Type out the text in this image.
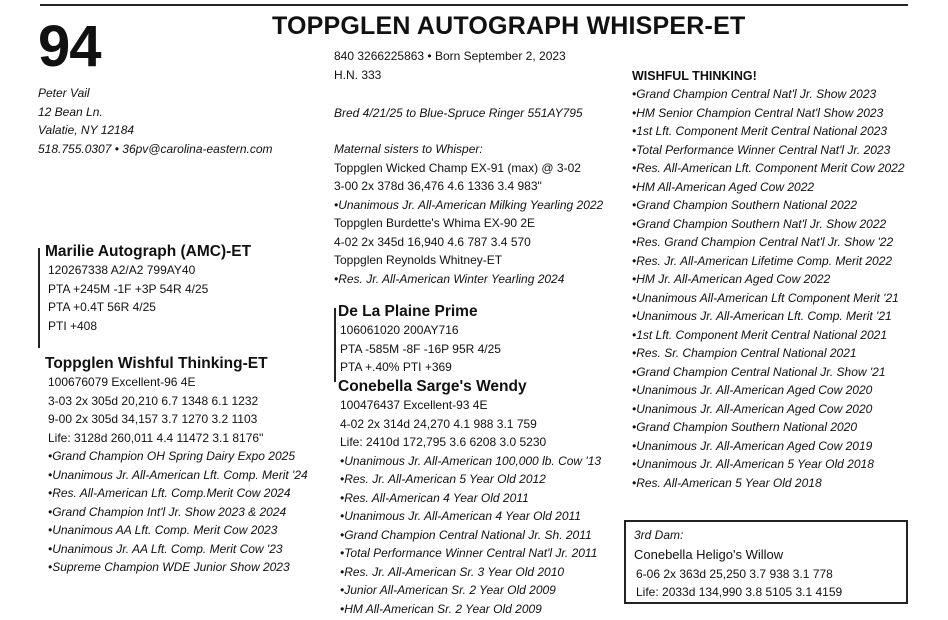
94	TOPPGLEN AUTOGRAPH WHISPER-ET
Peter Vail
12 Bean Ln.
Valatie, NY 12184
518.755.0307 • 36pv@carolina-eastern.com
840 3266225863 • Born September 2, 2023
H.N. 333
Bred 4/21/25 to Blue-Spruce Ringer 551AY795
Maternal sisters to Whisper:
Toppglen Wicked Champ EX-91 (max) @ 3-02
3-00 2x 378d 36,476 4.6 1336 3.4 983"
•Unanimous Jr. All-American Milking Yearling 2022
Toppglen Burdette's Whima EX-90 2E
4-02 2x 345d 16,940 4.6 787 3.4 570
Toppglen Reynolds Whitney-ET
•Res. Jr. All-American Winter Yearling 2024
Marilie Autograph (AMC)-ET
120267338 A2/A2 799AY40
PTA +245M -1F +3P 54R 4/25
PTA +0.4T 56R 4/25
PTI +408
Toppglen Wishful Thinking-ET
100676079 Excellent-96 4E
3-03 2x 305d 20,210 6.7 1348 6.1 1232
9-00 2x 305d 34,157 3.7 1270 3.2 1103
Life: 3128d 260,011 4.4 11472 3.1 8176"
•Grand Champion OH Spring Dairy Expo 2025
•Unanimous Jr. All-American Lft. Comp. Merit '24
•Res. All-American Lft. Comp.Merit Cow 2024
•Grand Champion Int'l Jr. Show 2023 & 2024
•Unanimous AA Lft. Comp. Merit Cow 2023
•Unanimous Jr. AA Lft. Comp. Merit Cow '23
•Supreme Champion WDE Junior Show 2023
De La Plaine Prime
106061020 200AY716
PTA -585M -8F -16P 95R 4/25
PTA +.40% PTI +369
Conebella Sarge's Wendy
100476437 Excellent-93 4E
4-02 2x 314d 24,270 4.1 988 3.1 759
Life: 2410d 172,795 3.6 6208 3.0 5230
•Unanimous Jr. All-American 100,000 lb. Cow '13
•Res. Jr. All-American 5 Year Old 2012
•Res. All-American 4 Year Old 2011
•Unanimous Jr. All-American 4 Year Old 2011
•Grand Champion Central National Jr. Sh. 2011
•Total Performance Winner Central Nat'l Jr. 2011
•Res. Jr. All-American Sr. 3 Year Old 2010
•Junior All-American Sr. 2 Year Old 2009
•HM All-American Sr. 2 Year Old 2009
WISHFUL THINKING!
•Grand Champion Central Nat'l Jr. Show 2023
•HM Senior Champion Central Nat'l Show 2023
•1st Lft. Component Merit Central National 2023
•Total Performance Winner Central Nat'l Jr. 2023
•Res. All-American Lft. Component Merit Cow 2022
•HM All-American Aged Cow 2022
•Grand Champion Southern National 2022
•Grand Champion Southern Nat'l Jr. Show 2022
•Res. Grand Champion Central Nat'l Jr. Show '22
•Res. Jr. All-American Lifetime Comp. Merit 2022
•HM Jr. All-American Aged Cow 2022
•Unanimous All-American Lft Component Merit '21
•Unanimous Jr. All-American Lft. Comp. Merit '21
•1st Lft. Component Merit Central National 2021
•Res. Sr. Champion Central National 2021
•Grand Champion Central National Jr. Show '21
•Unanimous Jr. All-American Aged Cow 2020
•Unanimous Jr. All-American Aged Cow 2020
•Grand Champion Southern National 2020
•Unanimous Jr. All-American Aged Cow 2019
•Unanimous Jr. All-American 5 Year Old 2018
•Res. All-American 5 Year Old 2018
3rd Dam:
Conebella Heligo's Willow
6-06 2x 363d 25,250 3.7 938 3.1 778
Life: 2033d 134,990 3.8 5105 3.1 4159
